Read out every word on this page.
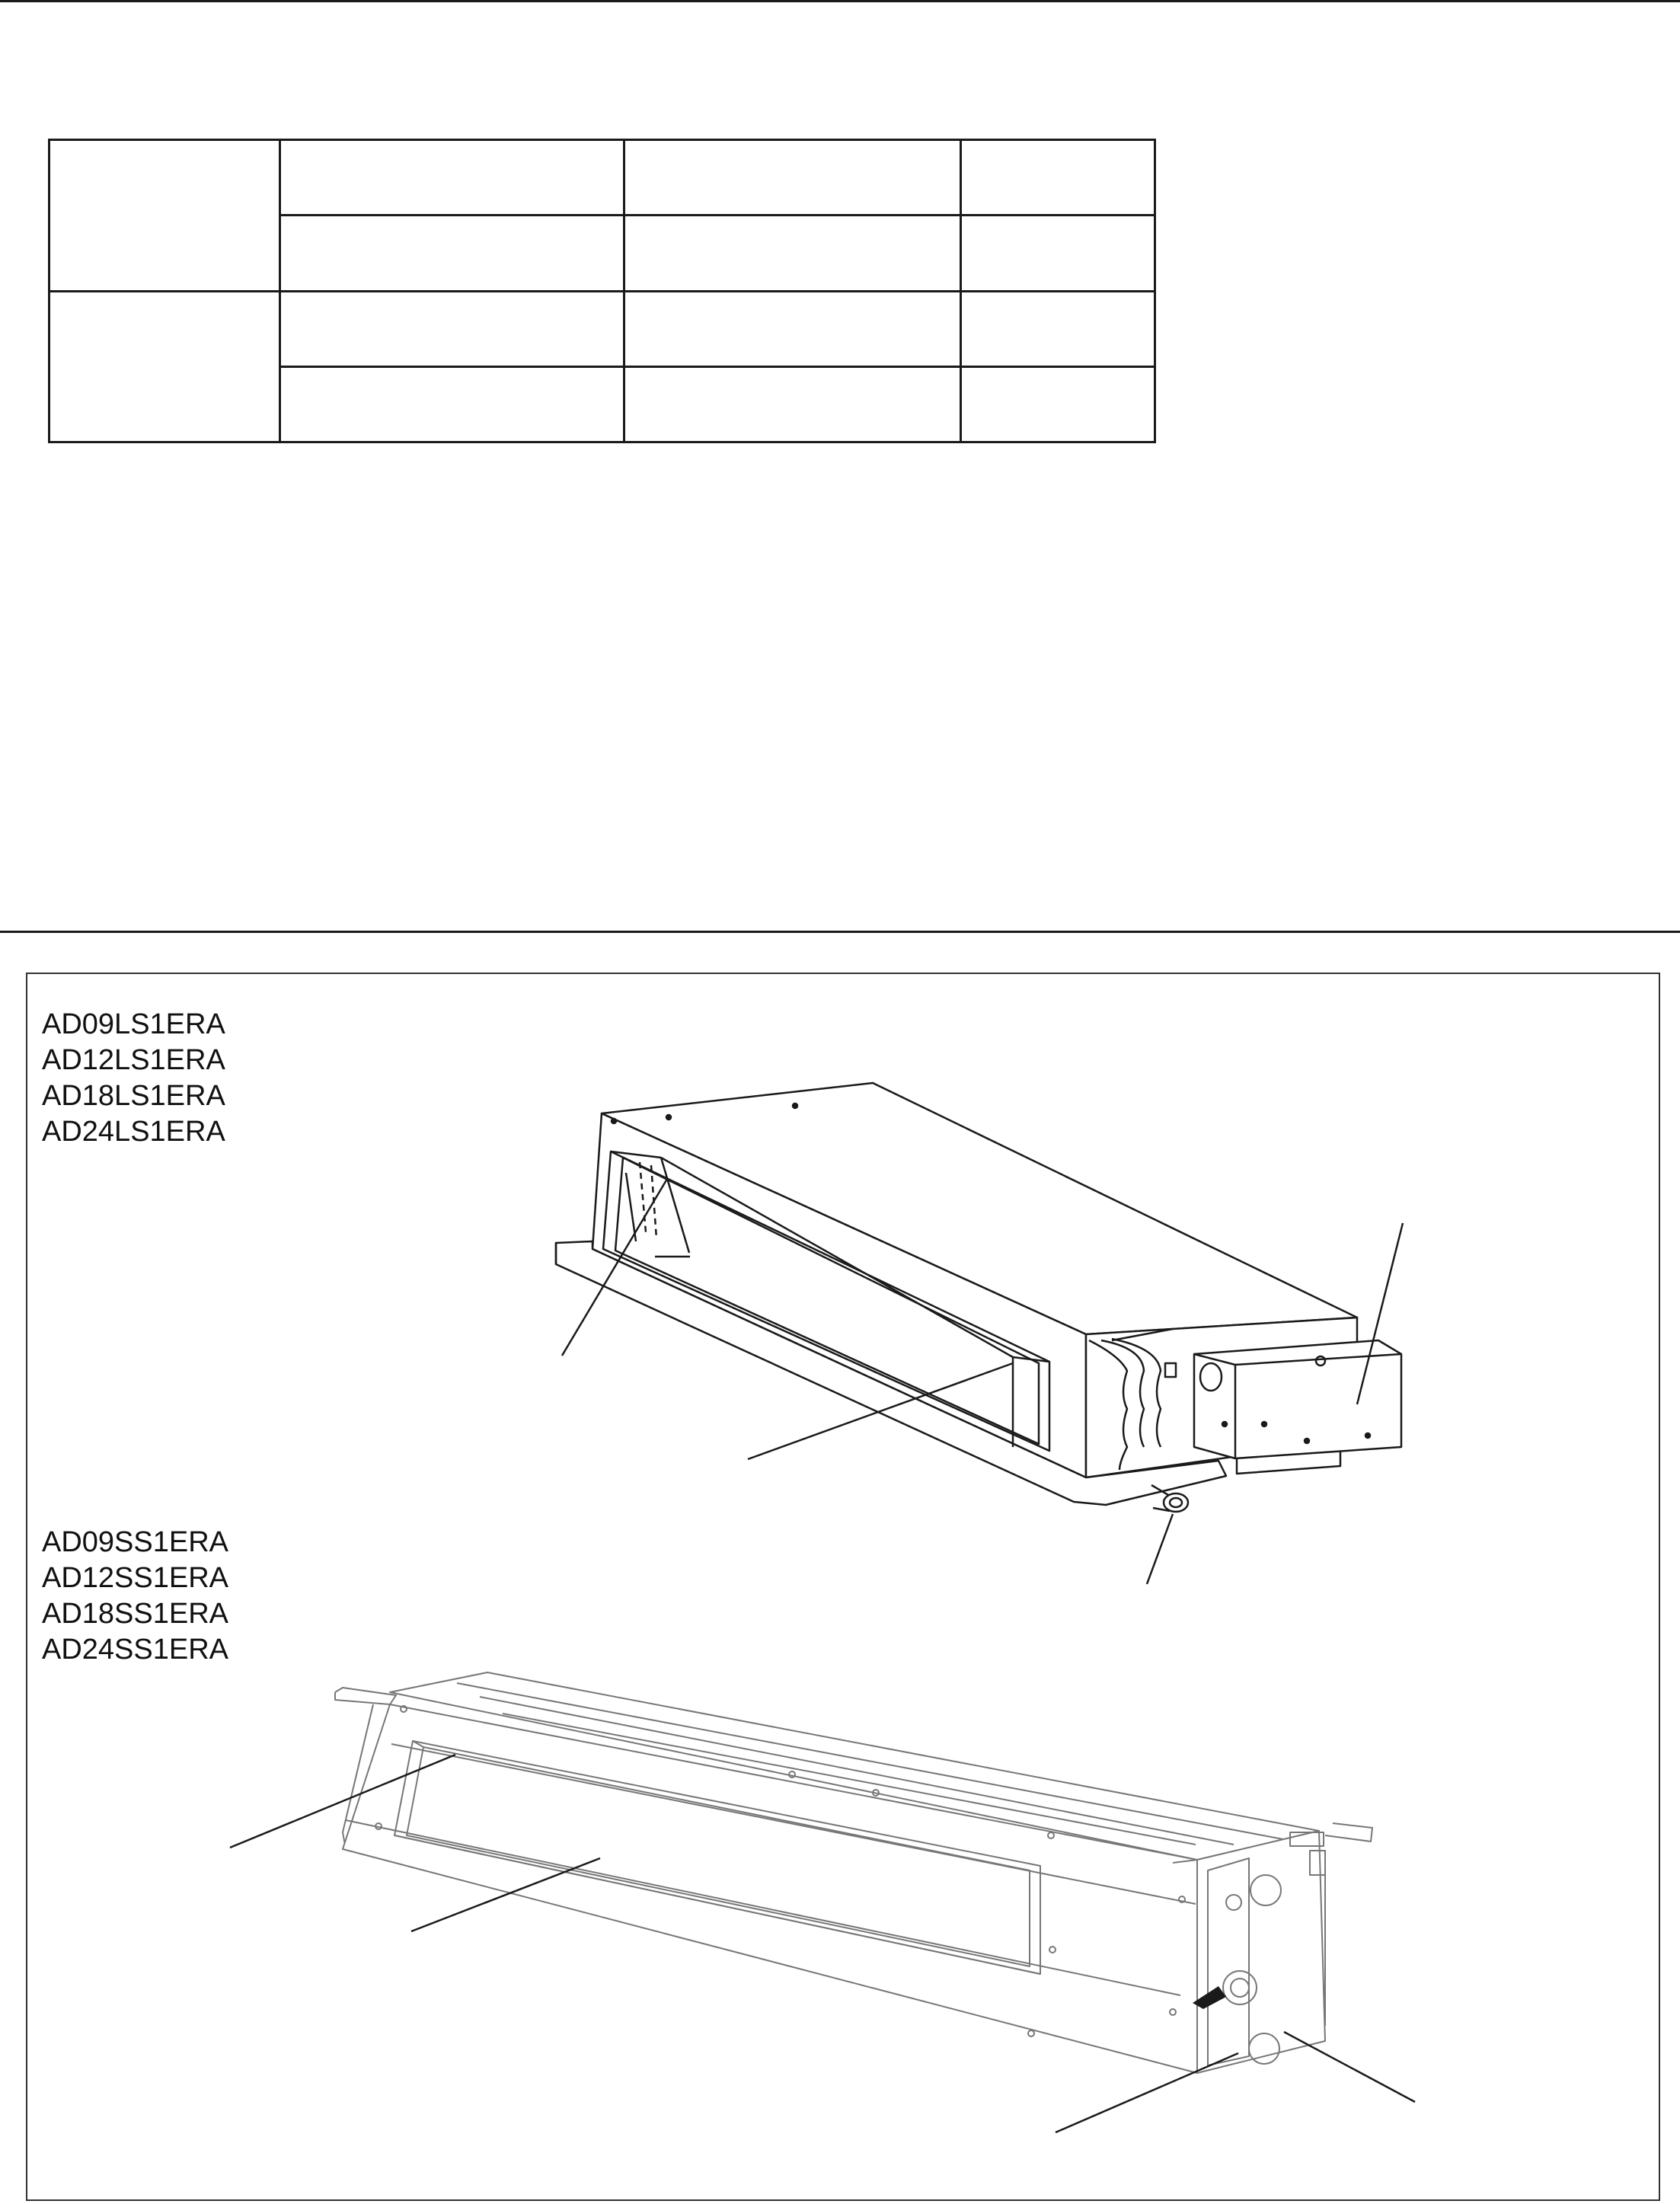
AD09LS1ERA
AD12LS1ERA
AD18LS1ERA
AD24LS1ERA
AD09SS1ERA
AD12SS1ERA
AD18SS1ERA
AD24SS1ERA
